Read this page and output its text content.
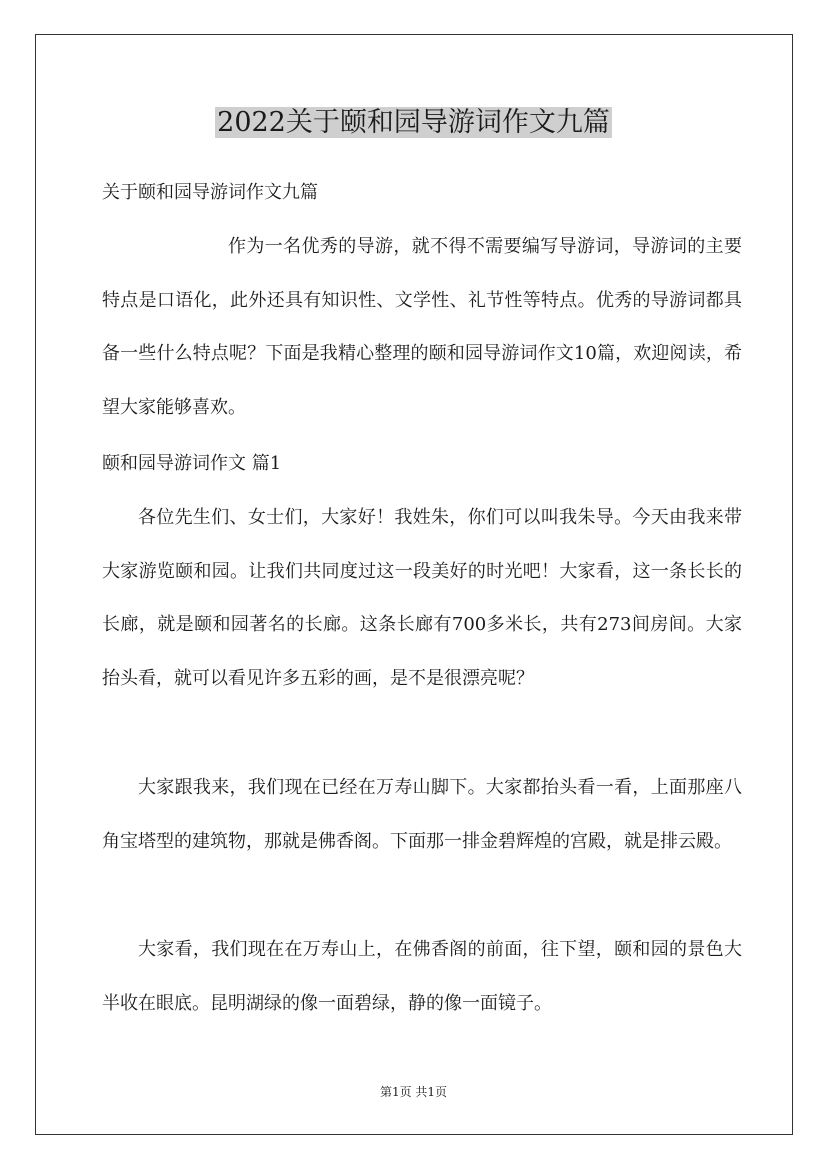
2022关于颐和园导游词作文九篇

关于颐和园导游词作文九篇

作为一名优秀的导游，就不得不需要编写导游词，导游词的主要特点是口语化，此外还具有知识性、文学性、礼节性等特点。优秀的导游词都具备一些什么特点呢？下面是我精心整理的颐和园导游词作文10篇，欢迎阅读，希望大家能够喜欢。

颐和园导游词作文 篇1

各位先生们、女士们，大家好！我姓朱，你们可以叫我朱导。今天由我来带大家游览颐和园。让我们共同度过这一段美好的时光吧！大家看，这一条长长的长廊，就是颐和园著名的长廊。这条长廊有700多米长，共有273间房间。大家抬头看，就可以看见许多五彩的画，是不是很漂亮呢？

大家跟我来，我们现在已经在万寿山脚下。大家都抬头看一看，上面那座八角宝塔型的建筑物，那就是佛香阁。下面那一排金碧辉煌的宫殿，就是排云殿。

大家看，我们现在在万寿山上，在佛香阁的前面，往下望，颐和园的景色大半收在眼底。昆明湖绿的像一面碧绿，静的像一面镜子。

第1页 共1页
